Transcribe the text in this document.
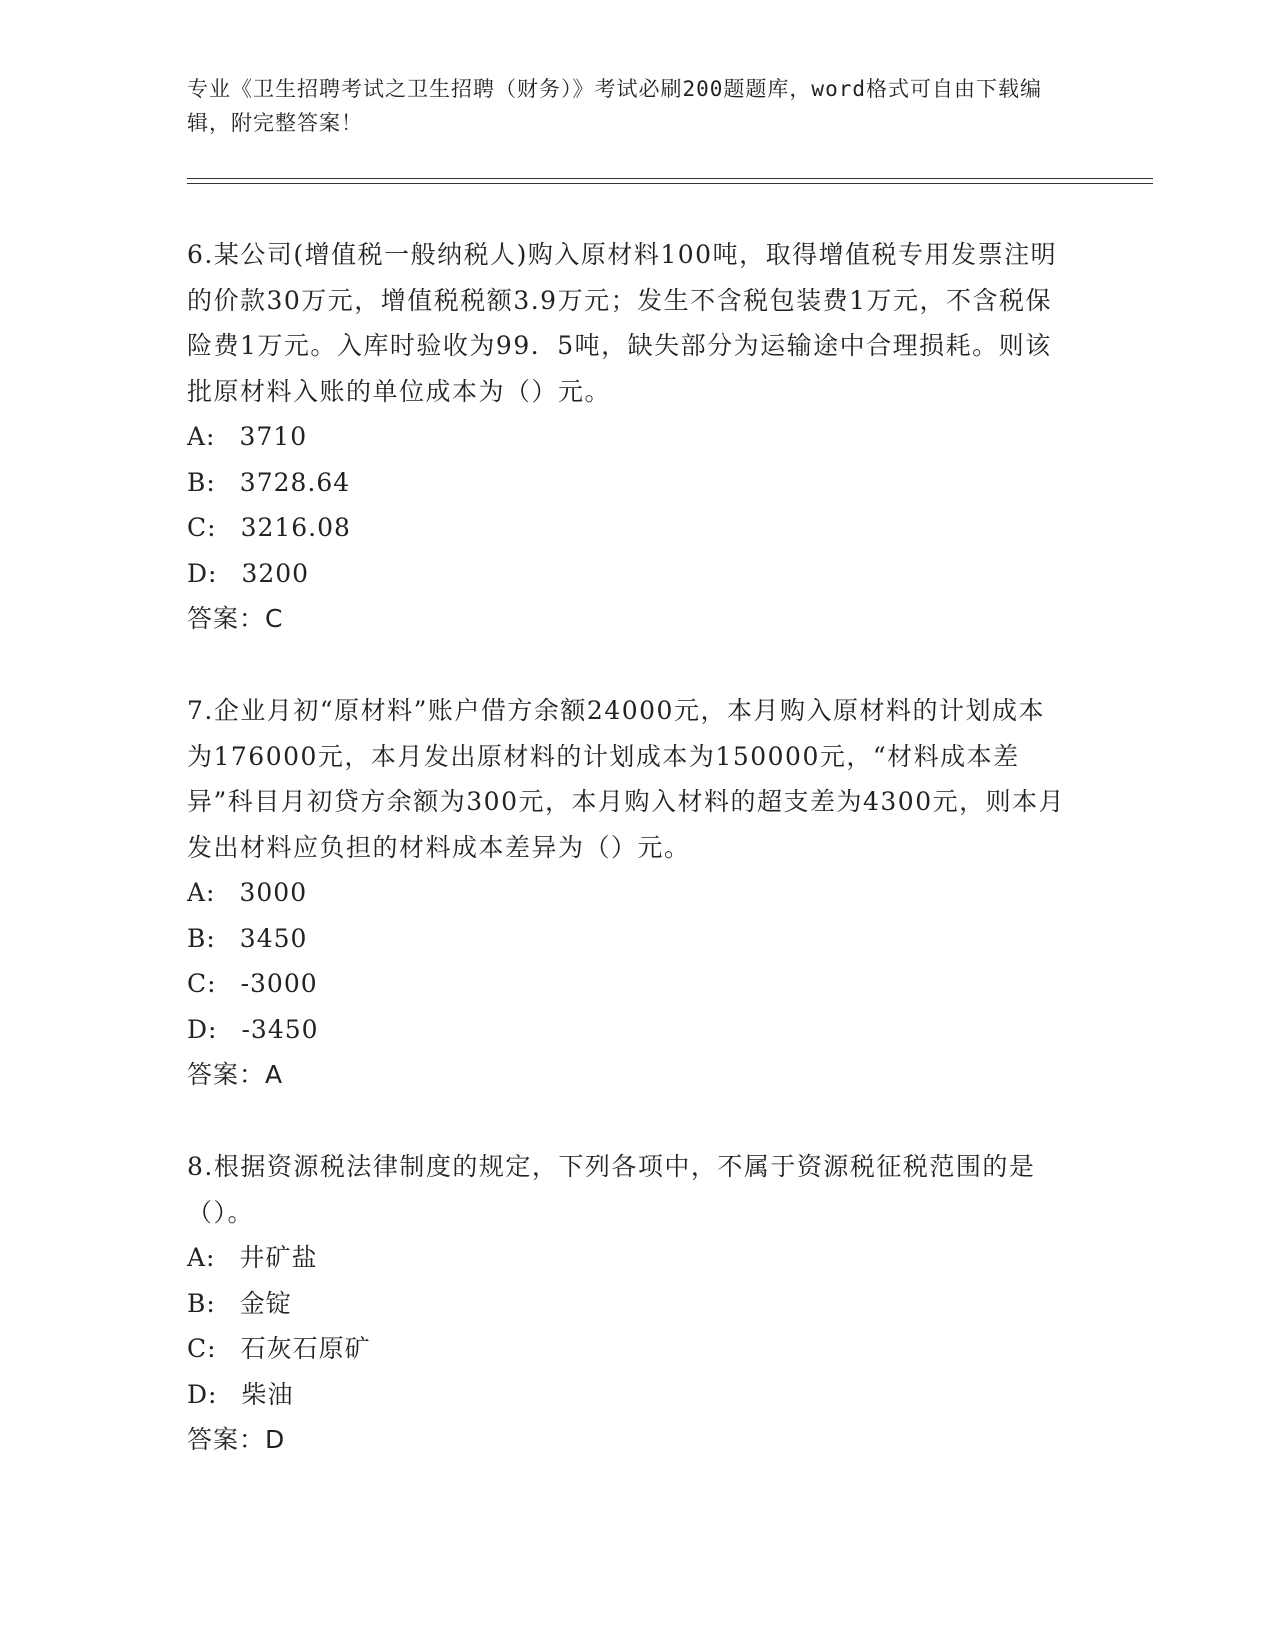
专业《卫生招聘考试之卫生招聘（财务）》考试必刷200题题库，word格式可自由下载编辑，附完整答案！

6.某公司(增值税一般纳税人)购入原材料100吨，取得增值税专用发票注明的价款30万元，增值税税额3.9万元；发生不含税包装费1万元，不含税保险费1万元。入库时验收为99．5吨，缺失部分为运输途中合理损耗。则该批原材料入账的单位成本为（）元。

A: 3710

B: 3728.64

C: 3216.08

D: 3200

答案：C

7.企业月初“原材料”账户借方余额24000元，本月购入原材料的计划成本为176000元，本月发出原材料的计划成本为150000元，“材料成本差异”科目月初贷方余额为300元，本月购入材料的超支差为4300元，则本月发出材料应负担的材料成本差异为（）元。

A: 3000

B: 3450

C: -3000

D: -3450

答案：A

8.根据资源税法律制度的规定，下列各项中，不属于资源税征税范围的是（）。

A: 井矿盐

B: 金锭

C: 石灰石原矿

D: 柴油

答案：D
